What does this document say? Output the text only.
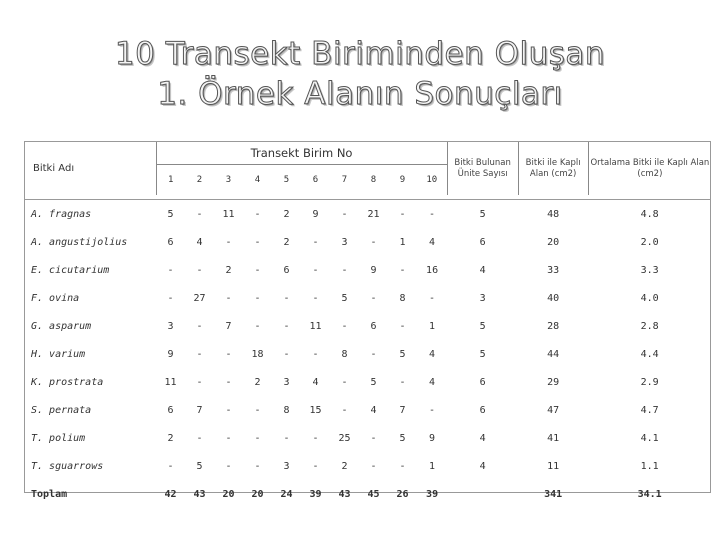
10 Transekt Biriminden Oluşan
1. Örnek Alanın Sonuçları
Bitki Adı	Transekt Birim No										Bitki Bulunan Ünite Sayısı	Bitki ile Kaplı Alan (cm2)	Ortalama Bitki ile Kaplı Alan (cm2)
	1	2	3	4	5	6	7	8	9	10			

A. fragnas	5	-	11	-	2	9	-	21	-	-	5	48	4.8
A. angustijolius	6	4	-	-	2	-	3	-	1	4	6	20	2.0
E. cicutarium	-	-	2	-	6	-	-	9	-	16	4	33	3.3
F. ovina	-	27	-	-	-	-	5	-	8	-	3	40	4.0
G. asparum	3	-	7	-	-	11	-	6	-	1	5	28	2.8
H. varium	9	-	-	18	-	-	8	-	5	4	5	44	4.4
K. prostrata	11	-	-	2	3	4	-	5	-	4	6	29	2.9
S. pernata	6	7	-	-	8	15	-	4	7	-	6	47	4.7
T. polium	2	-	-	-	-	-	25	-	5	9	4	41	4.1
T. sguarrows	-	5	-	-	3	-	2	-	-	1	4	11	1.1
Toplam	42	43	20	20	24	39	43	45	26	39		341	34.1
